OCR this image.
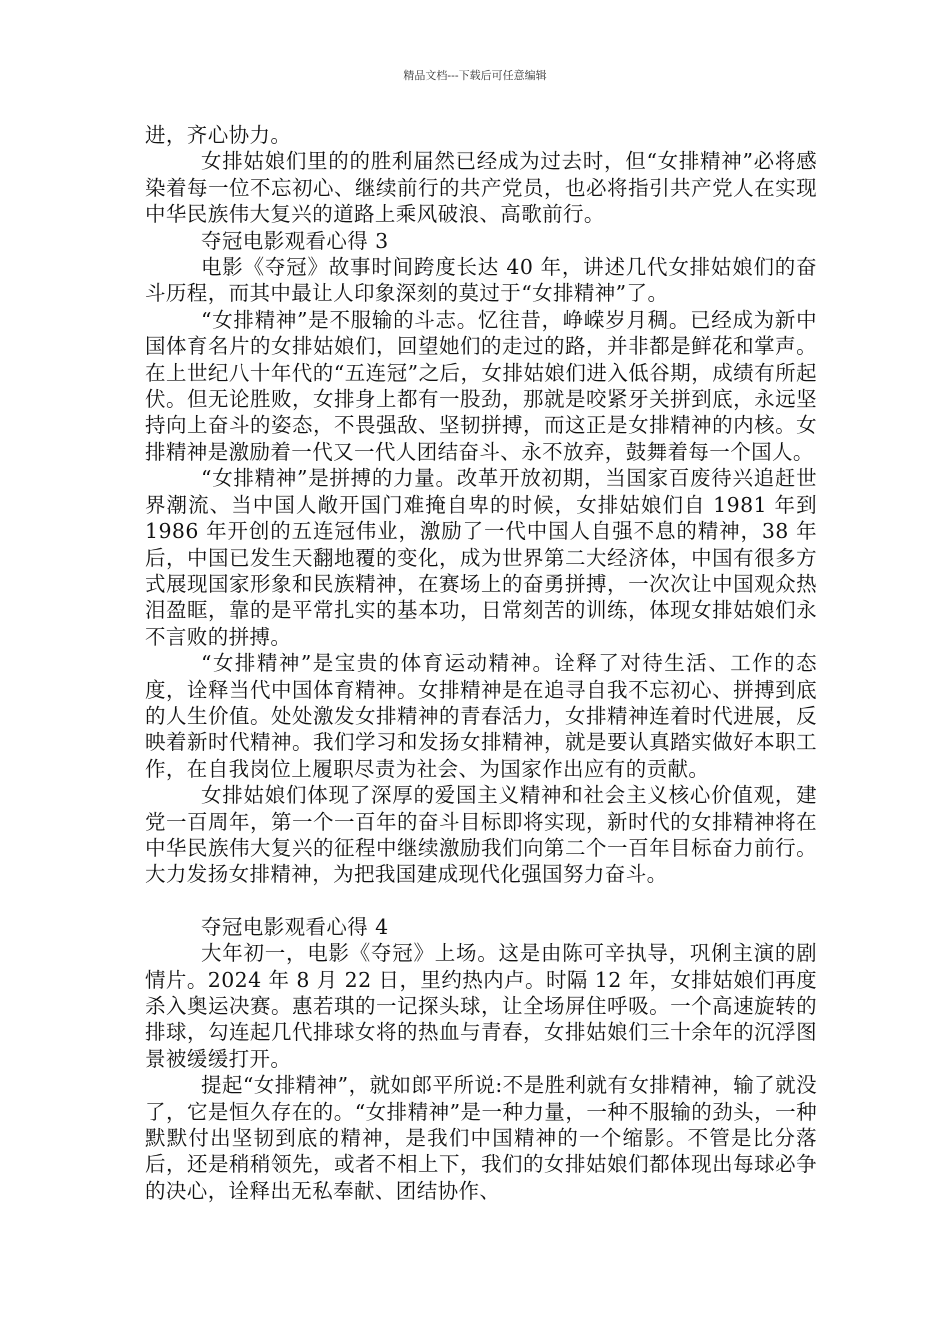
精品文档---下载后可任意编辑

进，齐心协力。

女排姑娘们里的的胜利届然已经成为过去时，但“女排精神”必将感染着每一位不忘初心、继续前行的共产党员，也必将指引共产党人在实现中华民族伟大复兴的道路上乘风破浪、高歌前行。

夺冠电影观看心得 3

电影《夺冠》故事时间跨度长达 40 年，讲述几代女排姑娘们的奋斗历程，而其中最让人印象深刻的莫过于“女排精神”了。

“女排精神”是不服输的斗志。忆往昔，峥嵘岁月稠。已经成为新中国体育名片的女排姑娘们，回望她们的走过的路，并非都是鲜花和掌声。在上世纪八十年代的“五连冠”之后，女排姑娘们进入低谷期，成绩有所起伏。但无论胜败，女排身上都有一股劲，那就是咬紧牙关拼到底，永远坚持向上奋斗的姿态，不畏强敌、坚韧拼搏，而这正是女排精神的内核。女排精神是激励着一代又一代人团结奋斗、永不放弃，鼓舞着每一个国人。

“女排精神”是拼搏的力量。改革开放初期，当国家百废待兴追赶世界潮流、当中国人敞开国门难掩自卑的时候，女排姑娘们自 1981 年到 1986 年开创的五连冠伟业，激励了一代中国人自强不息的精神，38 年后，中国已发生天翻地覆的变化，成为世界第二大经济体，中国有很多方式展现国家形象和民族精神，在赛场上的奋勇拼搏，一次次让中国观众热泪盈眶，靠的是平常扎实的基本功，日常刻苦的训练，体现女排姑娘们永不言败的拼搏。

“女排精神”是宝贵的体育运动精神。诠释了对待生活、工作的态度，诠释当代中国体育精神。女排精神是在追寻自我不忘初心、拼搏到底的人生价值。处处激发女排精神的青春活力，女排精神连着时代进展，反映着新时代精神。我们学习和发扬女排精神，就是要认真踏实做好本职工作，在自我岗位上履职尽责为社会、为国家作出应有的贡献。

女排姑娘们体现了深厚的爱国主义精神和社会主义核心价值观，建党一百周年，第一个一百年的奋斗目标即将实现，新时代的女排精神将在中华民族伟大复兴的征程中继续激励我们向第二个一百年目标奋力前行。大力发扬女排精神，为把我国建成现代化强国努力奋斗。

夺冠电影观看心得 4

大年初一，电影《夺冠》上场。这是由陈可辛执导，巩俐主演的剧情片。2024 年 8 月 22 日，里约热内卢。时隔 12 年，女排姑娘们再度杀入奥运决赛。惠若琪的一记探头球，让全场屏住呼吸。一个高速旋转的排球，勾连起几代排球女将的热血与青春，女排姑娘们三十余年的沉浮图景被缓缓打开。

提起“女排精神”，就如郎平所说:不是胜利就有女排精神，输了就没了，它是恒久存在的。“女排精神”是一种力量，一种不服输的劲头，一种默默付出坚韧到底的精神，是我们中国精神的一个缩影。不管是比分落后，还是稍稍领先，或者不相上下，我们的女排姑娘们都体现出每球必争的决心，诠释出无私奉献、团结协作、
